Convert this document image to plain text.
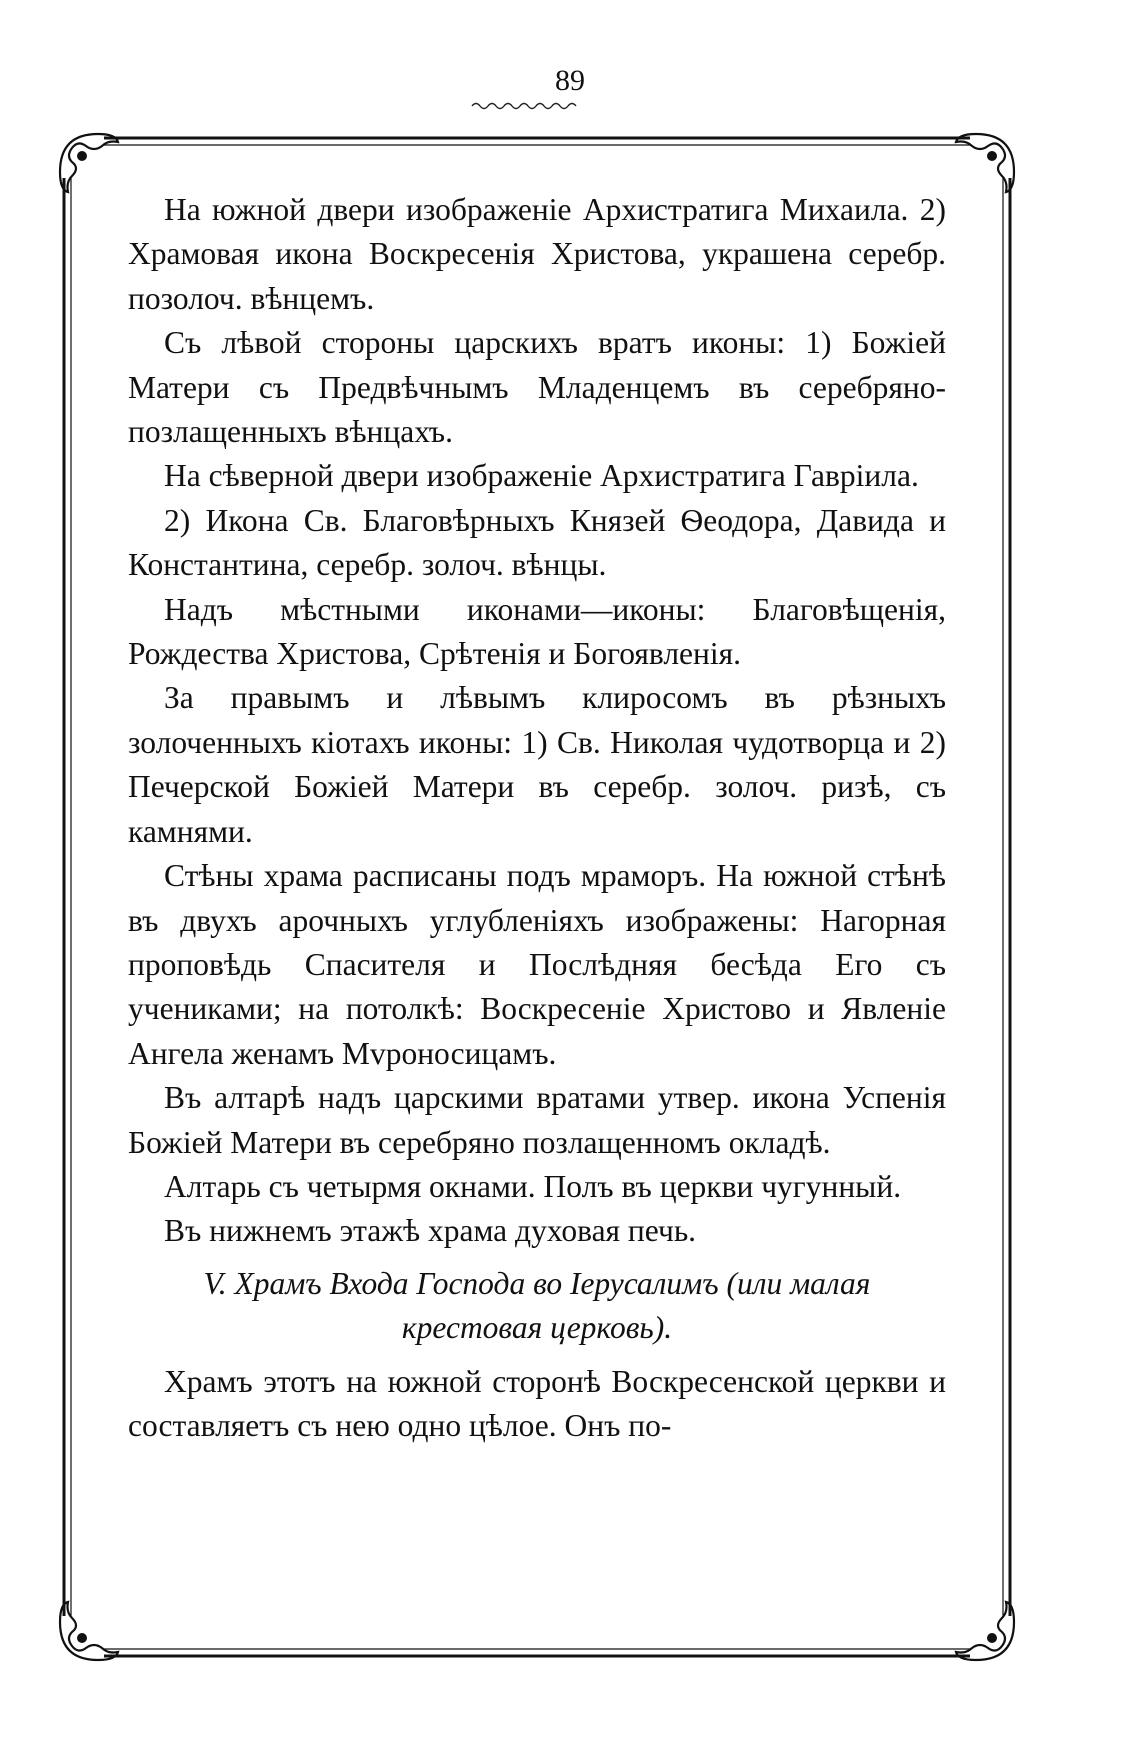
89

На южной двери изображеніе Архистратига Михаила. 2) Храмовая икона Воскресенія Христова, украшена серебр. позолоч. вѣнцемъ.

Съ лѣвой стороны царскихъ вратъ иконы: 1) Божіей Матери съ Предвѣчнымъ Младенцемъ въ серебряно-позлащенныхъ вѣнцахъ.

На сѣверной двери изображеніе Архистратига Гавріила.

2) Икона Св. Благовѣрныхъ Князей Ѳеодора, Давида и Константина, серебр. золоч. вѣнцы.

Надъ мѣстными иконами—иконы: Благовѣщенія, Рождества Христова, Срѣтенія и Богоявленія.

За правымъ и лѣвымъ клиросомъ въ рѣзныхъ золоченныхъ кіотахъ иконы: 1) Св. Николая чудотворца и 2) Печерской Божіей Матери въ серебр. золоч. ризѣ, съ камнями.

Стѣны храма расписаны подъ мраморъ. На южной стѣнѣ въ двухъ арочныхъ углубленіяхъ изображены: Нагорная проповѣдь Спасителя и Послѣдняя бесѣда Его съ учениками; на потолкѣ: Воскресеніе Христово и Явленіе Ангела женамъ Мvроносицамъ.

Въ алтарѣ надъ царскими вратами утвер. икона Успенія Божіей Матери въ серебряно позлащенномъ окладѣ.

Алтарь съ четырмя окнами. Полъ въ церкви чугунный.

Въ нижнемъ этажѣ храма духовая печь.

V. Храмъ Входа Господа во Іерусалимъ (или малая
крестовая церковь).

Храмъ этотъ на южной сторонѣ Воскресенской церкви и составляетъ съ нею одно цѣлое. Онъ по-
